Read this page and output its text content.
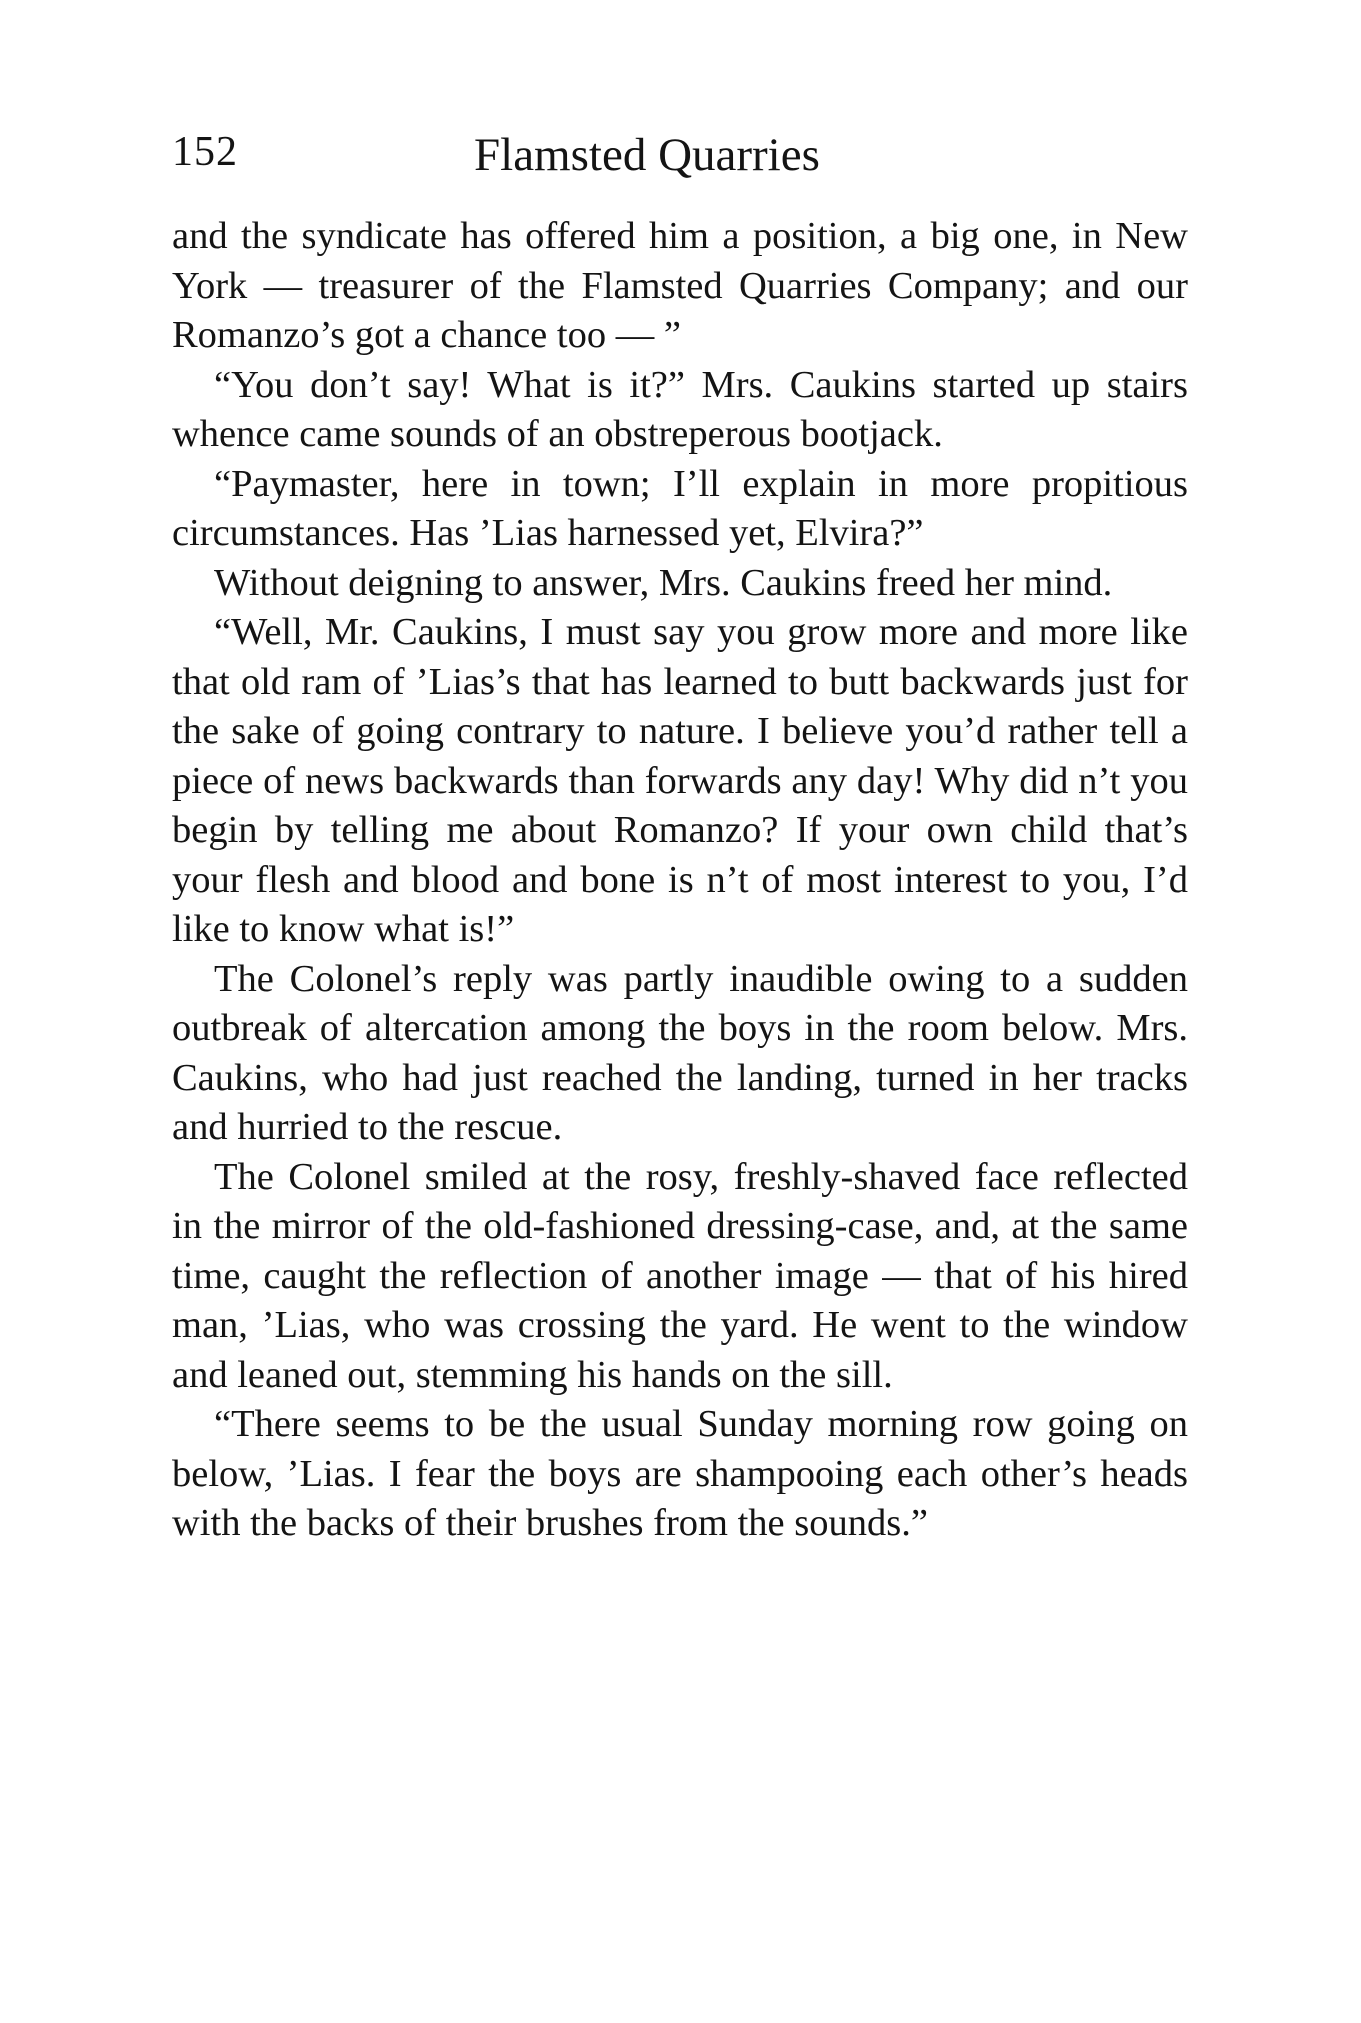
152	Flamsted Quarries

and the syndicate has offered him a position, a big one, in New York — treasurer of the Flamsted Quarries Company; and our Romanzo’s got a chance too — ”

“You don’t say! What is it?” Mrs. Caukins started up stairs whence came sounds of an obstreperous bootjack.

“Paymaster, here in town; I’ll explain in more propitious circumstances. Has ’Lias harnessed yet, Elvira?”

Without deigning to answer, Mrs. Caukins freed her mind.

“Well, Mr. Caukins, I must say you grow more and more like that old ram of ’Lias’s that has learned to butt backwards just for the sake of going contrary to nature. I believe you’d rather tell a piece of news backwards than forwards any day! Why did n’t you begin by telling me about Romanzo? If your own child that’s your flesh and blood and bone is n’t of most interest to you, I’d like to know what is!”

The Colonel’s reply was partly inaudible owing to a sudden outbreak of altercation among the boys in the room below. Mrs. Caukins, who had just reached the landing, turned in her tracks and hurried to the rescue.

The Colonel smiled at the rosy, freshly-shaved face reflected in the mirror of the old-fashioned dressing-case, and, at the same time, caught the reflection of another image — that of his hired man, ’Lias, who was crossing the yard. He went to the window and leaned out, stemming his hands on the sill.

“There seems to be the usual Sunday morning row going on below, ’Lias. I fear the boys are shampooing each other’s heads with the backs of their brushes from the sounds.”
